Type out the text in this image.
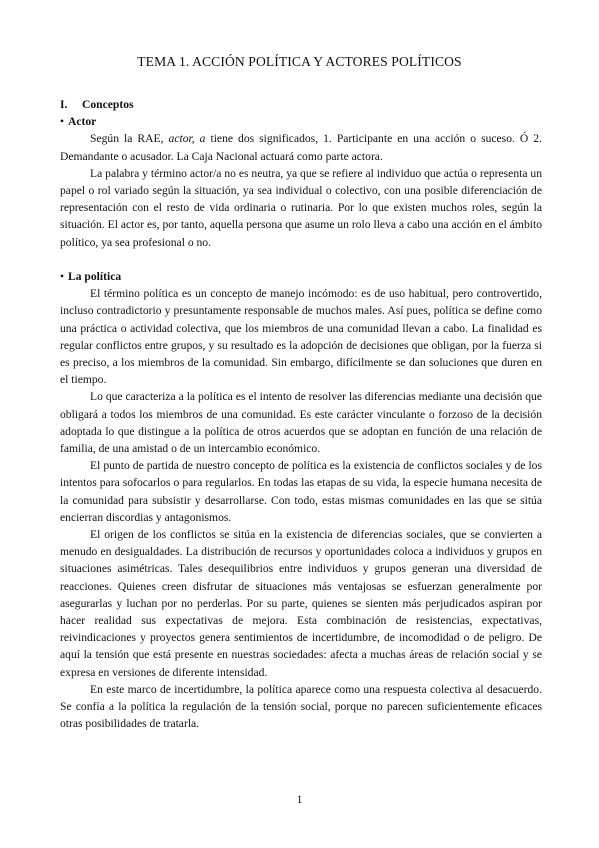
TEMA 1. ACCIÓN POLÍTICA Y ACTORES POLÍTICOS
I. Conceptos
• Actor

Según la RAE, actor, a tiene dos significados, 1. Participante en una acción o suceso. Ó 2. Demandante o acusador. La Caja Nacional actuará como parte actora.

La palabra y término actor/a no es neutra, ya que se refiere al individuo que actúa o representa un papel o rol variado según la situación, ya sea individual o colectivo, con una posible diferenciación de representación con el resto de vida ordinaria o rutinaria. Por lo que existen muchos roles, según la situación. El actor es, por tanto, aquella persona que asume un rolo lleva a cabo una acción en el ámbito político, ya sea profesional o no.

• La política

El término política es un concepto de manejo incómodo: es de uso habitual, pero controvertido, incluso contradictorio y presuntamente responsable de muchos males. Así pues, política se define como una práctica o actividad colectiva, que los miembros de una comunidad llevan a cabo. La finalidad es regular conflictos entre grupos, y su resultado es la adopción de decisiones que obligan, por la fuerza si es preciso, a los miembros de la comunidad. Sin embargo, difícilmente se dan soluciones que duren en el tiempo.

Lo que caracteriza a la política es el intento de resolver las diferencias mediante una decisión que obligará a todos los miembros de una comunidad. Es este carácter vinculante o forzoso de la decisión adoptada lo que distingue a la política de otros acuerdos que se adoptan en función de una relación de familia, de una amistad o de un intercambio económico.

El punto de partida de nuestro concepto de política es la existencia de conflictos sociales y de los intentos para sofocarlos o para regularlos. En todas las etapas de su vida, la especie humana necesita de la comunidad para subsistir y desarrollarse. Con todo, estas mismas comunidades en las que se sitúa encierran discordias y antagonismos.

El origen de los conflictos se sitúa en la existencia de diferencias sociales, que se convierten a menudo en desigualdades. La distribución de recursos y oportunidades coloca a individuos y grupos en situaciones asimétricas. Tales desequilibrios entre individuos y grupos generan una diversidad de reacciones. Quienes creen disfrutar de situaciones más ventajosas se esfuerzan generalmente por asegurarlas y luchan por no perderlas. Por su parte, quienes se sienten más perjudicados aspiran por hacer realidad sus expectativas de mejora. Esta combinación de resistencias, expectativas, reivindicaciones y proyectos genera sentimientos de incertidumbre, de incomodidad o de peligro. De aquí la tensión que está presente en nuestras sociedades: afecta a muchas áreas de relación social y se expresa en versiones de diferente intensidad.

En este marco de incertidumbre, la política aparece como una respuesta colectiva al desacuerdo. Se confía a la política la regulación de la tensión social, porque no parecen suficientemente eficaces otras posibilidades de tratarla.

1
